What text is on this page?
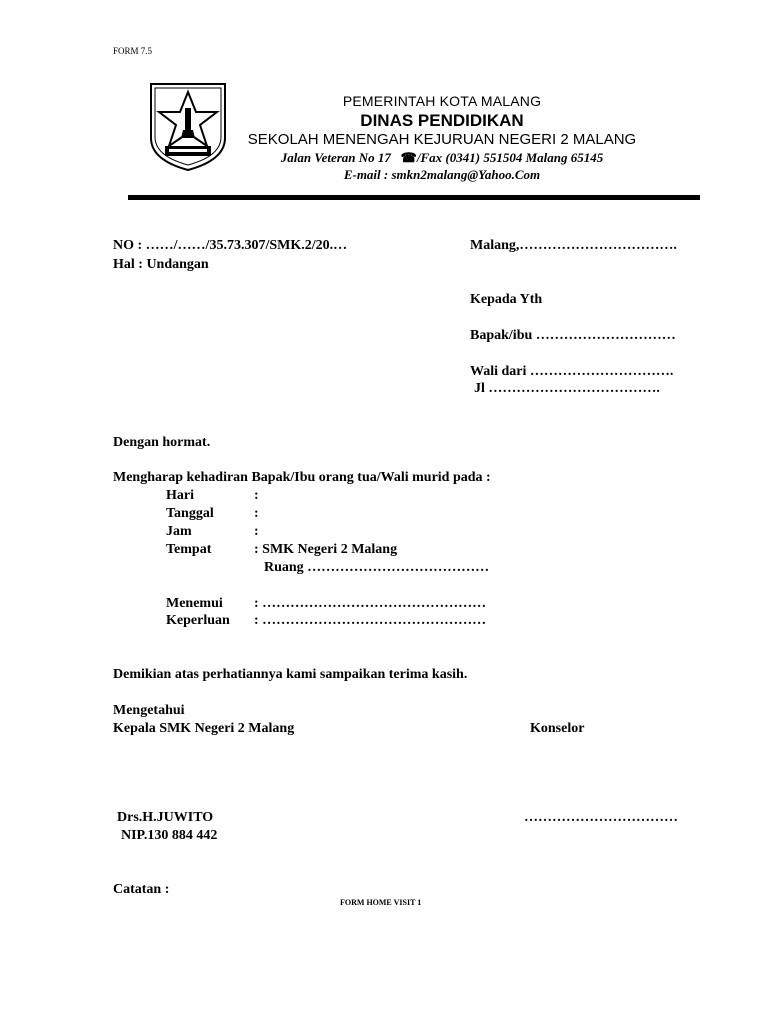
FORM 7.5
PEMERINTAH KOTA MALANG
DINAS PENDIDIKAN
SEKOLAH MENENGAH KEJURUAN NEGERI 2 MALANG
Jalan Veteran No 17   ☎/Fax (0341) 551504 Malang 65145
E-mail : smkn2malang@Yahoo.Com
NO : ……/……/35.73.307/SMK.2/20.…
Hal : Undangan
Malang,…………………………….
Kepada Yth
Bapak/ibu …………………………
Wali dari ………………………….
Jl ……………………………….
Dengan hormat.
Mengharap kehadiran Bapak/Ibu orang tua/Wali murid pada :
Hari	:
Tanggal	:
Jam	:
Tempat	: SMK Negeri 2 Malang
Ruang …………………………………
Menemui : …………………………………………
Keperluan : …………………………………………
Demikian atas perhatiannya kami sampaikan terima kasih.
Mengetahui
Kepala SMK Negeri 2 Malang	Konselor
Drs.H.JUWITO
NIP.130 884 442
……………………………
Catatan :
FORM HOME VISIT 1
